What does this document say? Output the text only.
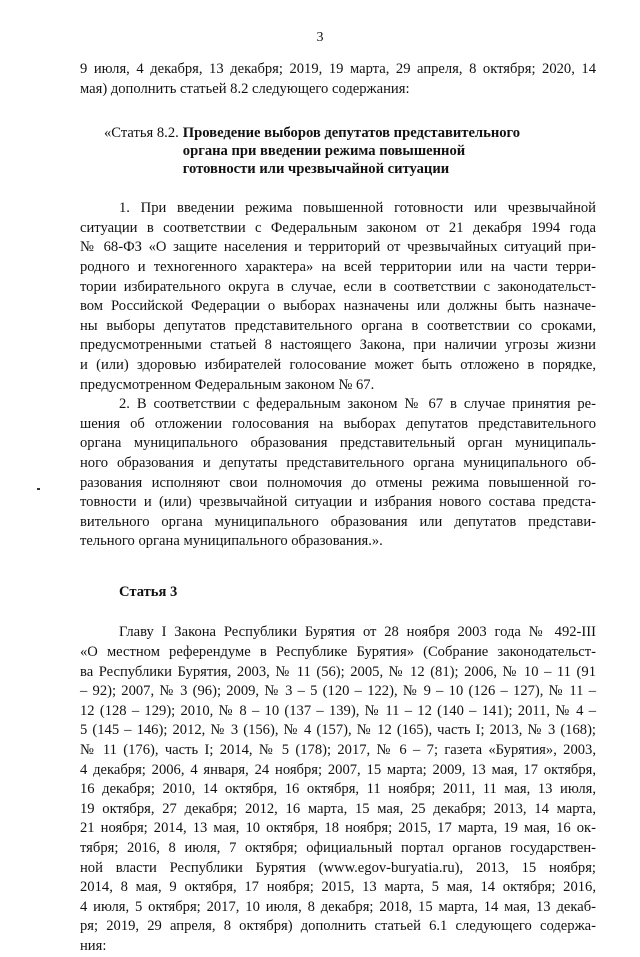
3
9 июля, 4 декабря, 13 декабря; 2019, 19 марта, 29 апреля, 8 октября; 2020, 14
мая) дополнить статьей 8.2 следующего содержания:
«Статья 8.2. Проведение выборов депутатов представительного
органа при введении режима повышенной
готовности или чрезвычайной ситуации
1. При введении режима повышенной готовности или чрезвычайной
ситуации в соответствии с Федеральным законом от 21 декабря 1994 года
№ 68-ФЗ «О защите населения и территорий от чрезвычайных ситуаций при-
родного и техногенного характера» на всей территории или на части терри-
тории избирательного округа в случае, если в соответствии с законодательст-
вом Российской Федерации о выборах назначены или должны быть назначе-
ны выборы депутатов представительного органа в соответствии со сроками,
предусмотренными статьей 8 настоящего Закона, при наличии угрозы жизни
и (или) здоровью избирателей голосование может быть отложено в порядке,
предусмотренном Федеральным законом № 67.
2. В соответствии с федеральным законом № 67 в случае принятия ре-
шения об отложении голосования на выборах депутатов представительного
органа муниципального образования представительный орган муниципаль-
ного образования и депутаты представительного органа муниципального об-
разования исполняют свои полномочия до отмены режима повышенной го-
товности и (или) чрезвычайной ситуации и избрания нового состава предста-
вительного органа муниципального образования или депутатов представи-
тельного органа муниципального образования.».
Статья 3
Главу I Закона Республики Бурятия от 28 ноября 2003 года № 492-III
«О местном референдуме в Республике Бурятия» (Собрание законодательст-
ва Республики Бурятия, 2003, № 11 (56); 2005, № 12 (81); 2006, № 10 – 11 (91
– 92); 2007, № 3 (96); 2009, № 3 – 5 (120 – 122), № 9 – 10 (126 – 127), № 11 –
12 (128 – 129); 2010, № 8 – 10 (137 – 139), № 11 – 12 (140 – 141); 2011, № 4 –
5 (145 – 146); 2012, № 3 (156), № 4 (157), № 12 (165), часть I; 2013, № 3 (168);
№ 11 (176), часть I; 2014, № 5 (178); 2017, № 6 – 7; газета «Бурятия», 2003,
4 декабря; 2006, 4 января, 24 ноября; 2007, 15 марта; 2009, 13 мая, 17 октября,
16 декабря; 2010, 14 октября, 16 октября, 11 ноября; 2011, 11 мая, 13 июля,
19 октября, 27 декабря; 2012, 16 марта, 15 мая, 25 декабря; 2013, 14 марта,
21 ноября; 2014, 13 мая, 10 октября, 18 ноября; 2015, 17 марта, 19 мая, 16 ок-
тября; 2016, 8 июля, 7 октября; официальный портал органов государствен-
ной власти Республики Бурятия (www.egov-buryatia.ru), 2013, 15 ноября;
2014, 8 мая, 9 октября, 17 ноября; 2015, 13 марта, 5 мая, 14 октября; 2016,
4 июля, 5 октября; 2017, 10 июля, 8 декабря; 2018, 15 марта, 14 мая, 13 декаб-
ря; 2019, 29 апреля, 8 октября) дополнить статьей 6.1 следующего содержа-
ния:
